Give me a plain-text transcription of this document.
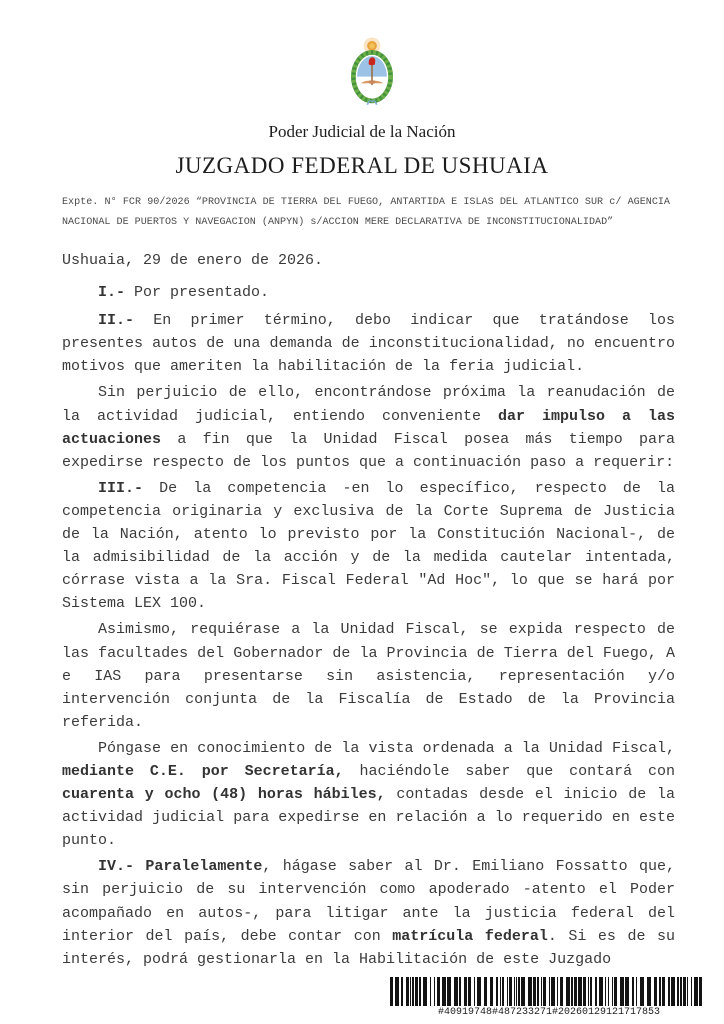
Poder Judicial de la Nación
JUZGADO FEDERAL DE USHUAIA
Expte. N° FCR 90/2026 “PROVINCIA DE TIERRA DEL FUEGO, ANTARTIDA E ISLAS DEL ATLANTICO SUR c/ AGENCIA NACIONAL DE PUERTOS Y NAVEGACION (ANPYN) s/ACCION MERE DECLARATIVA DE INCONSTITUCIONALIDAD”

Ushuaia, 29 de enero de 2026.

I.- Por presentado.

II.- En primer término, debo indicar que tratándose los presentes autos de una demanda de inconstitucionalidad, no encuentro motivos que ameriten la habilitación de la feria judicial.

Sin perjuicio de ello, encontrándose próxima la reanudación de la actividad judicial, entiendo conveniente dar impulso a las actuaciones a fin que la Unidad Fiscal posea más tiempo para expedirse respecto de los puntos que a continuación paso a requerir:

III.- De la competencia -en lo específico, respecto de la competencia originaria y exclusiva de la Corte Suprema de Justicia de la Nación, atento lo previsto por la Constitución Nacional-, de la admisibilidad de la acción y de la medida cautelar intentada, córrase vista a la Sra. Fiscal Federal "Ad Hoc", lo que se hará por Sistema LEX 100.

Asimismo, requiérase a la Unidad Fiscal, se expida respecto de las facultades del Gobernador de la Provincia de Tierra del Fuego, A e IAS para presentarse sin asistencia, representación y/o intervención conjunta de la Fiscalía de Estado de la Provincia referida.

Póngase en conocimiento de la vista ordenada a la Unidad Fiscal, mediante C.E. por Secretaría, haciéndole saber que contará con cuarenta y ocho (48) horas hábiles, contadas desde el inicio de la actividad judicial para expedirse en relación a lo requerido en este punto.

IV.- Paralelamente, hágase saber al Dr. Emiliano Fossatto que, sin perjuicio de su intervención como apoderado -atento el Poder acompañado en autos-, para litigar ante la justicia federal del interior del país, debe contar con matrícula federal. Si es de su interés, podrá gestionarla en la Habilitación de este Juzgado

#40919748#487233271#20260129121717853
